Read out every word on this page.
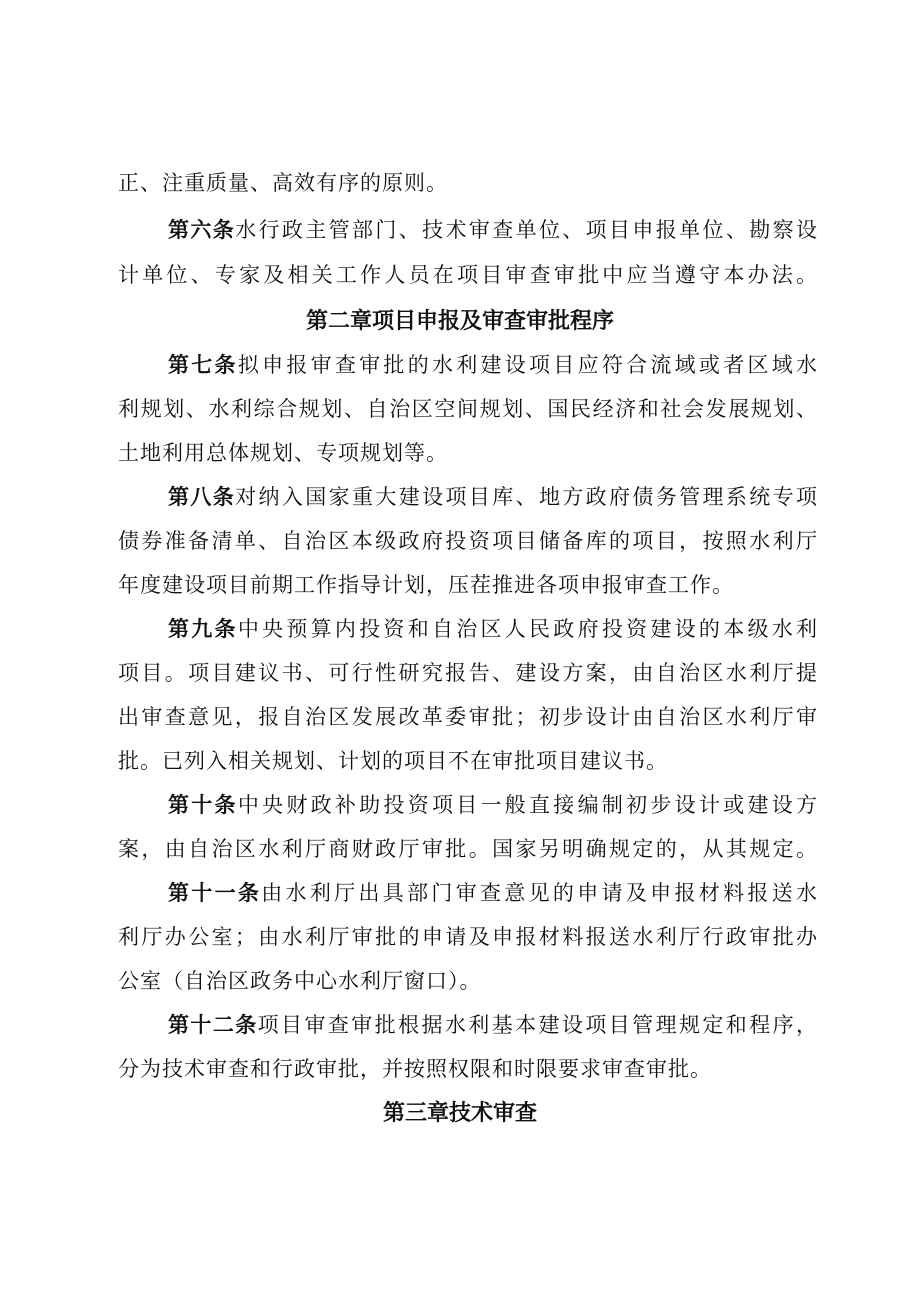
正、注重质量、高效有序的原则。
第六条水行政主管部门、技术审查单位、项目申报单位、勘察设
计单位、专家及相关工作人员在项目审查审批中应当遵守本办法。
第二章项目申报及审查审批程序
第七条拟申报审查审批的水利建设项目应符合流域或者区域水
利规划、水利综合规划、自治区空间规划、国民经济和社会发展规划、
土地利用总体规划、专项规划等。
第八条对纳入国家重大建设项目库、地方政府债务管理系统专项
债券准备清单、自治区本级政府投资项目储备库的项目，按照水利厅
年度建设项目前期工作指导计划，压茬推进各项申报审查工作。
第九条中央预算内投资和自治区人民政府投资建设的本级水利
项目。项目建议书、可行性研究报告、建设方案，由自治区水利厅提
出审查意见，报自治区发展改革委审批；初步设计由自治区水利厅审
批。已列入相关规划、计划的项目不在审批项目建议书。
第十条中央财政补助投资项目一般直接编制初步设计或建设方
案，由自治区水利厅商财政厅审批。国家另明确规定的，从其规定。
第十一条由水利厅出具部门审查意见的申请及申报材料报送水
利厅办公室；由水利厅审批的申请及申报材料报送水利厅行政审批办
公室（自治区政务中心水利厅窗口）。
第十二条项目审查审批根据水利基本建设项目管理规定和程序，
分为技术审查和行政审批，并按照权限和时限要求审查审批。
第三章技术审查
